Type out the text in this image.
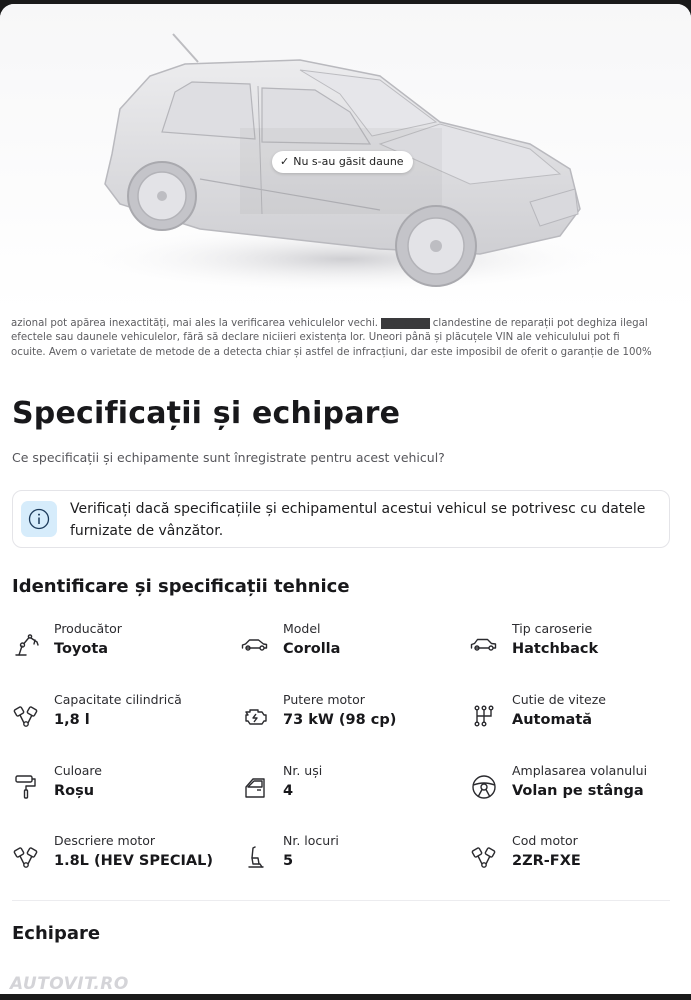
✓ Nu s-au găsit daune
azional pot apărea inexactități, mai ales la verificarea vehiculelor vechi. Atelierele clandestine de reparații pot deghiza ilegal
efectele sau daunele vehiculelor, fără să declare niciieri existența lor. Uneori până și plăcuțele VIN ale vehiculului pot fi
ocuite. Avem o varietate de metode de a detecta chiar și astfel de infracțiuni, dar este imposibil de oferit o garanție de 100%
Specificații și echipare
Ce specificații și echipamente sunt înregistrate pentru acest vehicul?
Verificați dacă specificațiile și echipamentul acestui vehicul se potrivesc cu datele furnizate de vânzător.
Identificare și specificații tehnice
Producător
Toyota
Model
Corolla
Tip caroserie
Hatchback
Capacitate cilindrică
1,8 l
Putere motor
73 kW (98 cp)
Cutie de viteze
Automată
Culoare
Roșu
Nr. uși
4
Amplasarea volanului
Volan pe stânga
Descriere motor
1.8L (HEV SPECIAL)
Nr. locuri
5
Cod motor
2ZR-FXE
Echipare
AUTOVIT.RO
